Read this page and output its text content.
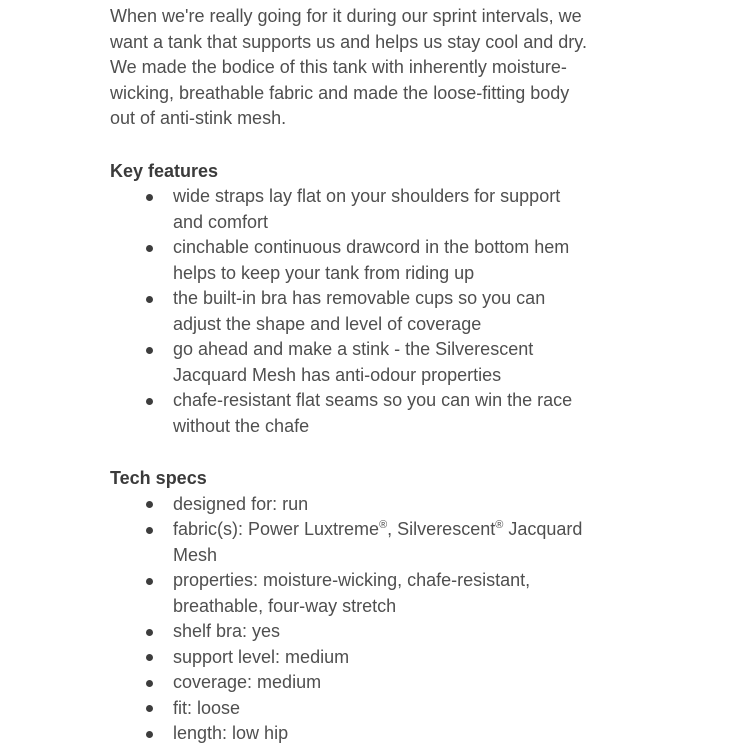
When we're really going for it during our sprint intervals, we want a tank that supports us and helps us stay cool and dry. We made the bodice of this tank with inherently moisture-wicking, breathable fabric and made the loose-fitting body out of anti-stink mesh.

Key features
wide straps lay flat on your shoulders for support and comfort
cinchable continuous drawcord in the bottom hem helps to keep your tank from riding up
the built-in bra has removable cups so you can adjust the shape and level of coverage
go ahead and make a stink - the Silverescent Jacquard Mesh has anti-odour properties
chafe-resistant flat seams so you can win the race without the chafe
Tech specs
designed for: run
fabric(s): Power Luxtreme®, Silverescent® Jacquard Mesh
properties: moisture-wicking, chafe-resistant, breathable, four-way stretch
shelf bra: yes
support level: medium
coverage: medium
fit: loose
length: low hip
